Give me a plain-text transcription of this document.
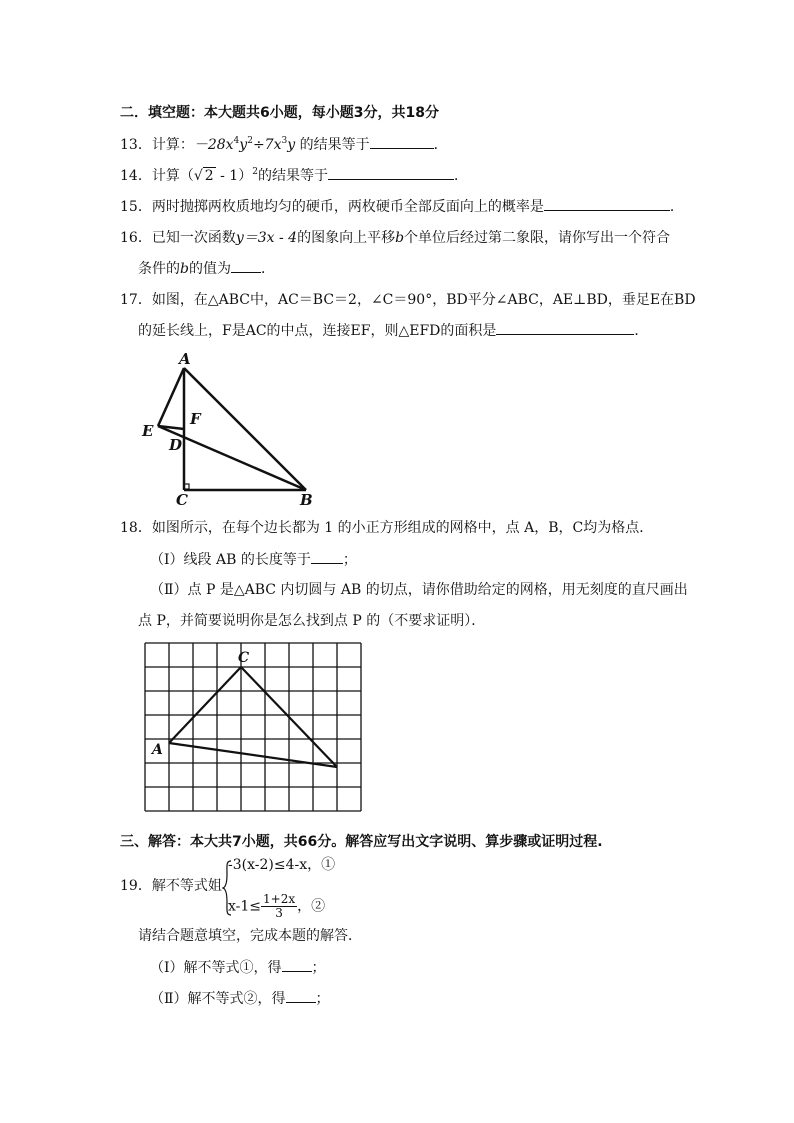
二．填空题：本大题共6小题，每小题3分，共18分
13．计算：$-28x^4y^2\div 7x^3y$ 的结果等于	．
14．计算（√ 2 - 1）$^2$的结果等于	．
15．两时抛掷两枚质地均匀的硬币，两枚硬币全部反面向上的概率是	．
16．已知一次函数y＝3x - 4的图象向上平移b个单位后经过第二象限，请你写出一个符合
条件的b的值为 ．
17．如图，在△ABC中，AC＝BC＝2，∠C＝90°，BD平分∠ABC，AE⊥BD，垂足E在BD
的延长线上，F是AC的中点，连接EF，则△EFD的面积是	．
A
F
E
D
C	B
18．如图所示，在每个边长都为 1 的小正方形组成的网格中，点 A，B，C均为格点．
（Ⅰ）线段 AB 的长度等于 ；
（Ⅱ）点 P 是△ABC 内切圆与 AB 的切点，请你借助给定的网格，用无刻度的直尺画出
点 P，并简要说明你是怎么找到点 P 的（不要求证明）．
C
A
三、解答：本大共7小题，共66分。解答应写出文字说明、算步骤或证明过程.
19．解不等式姐
-3(x-2)≤4-x，①
$x-1\le \frac{1+2x}{3}$ ，②
请结合题意填空，完成本题的解答．
（Ⅰ）解不等式①，得 ；
（Ⅱ）解不等式②，得 ；
